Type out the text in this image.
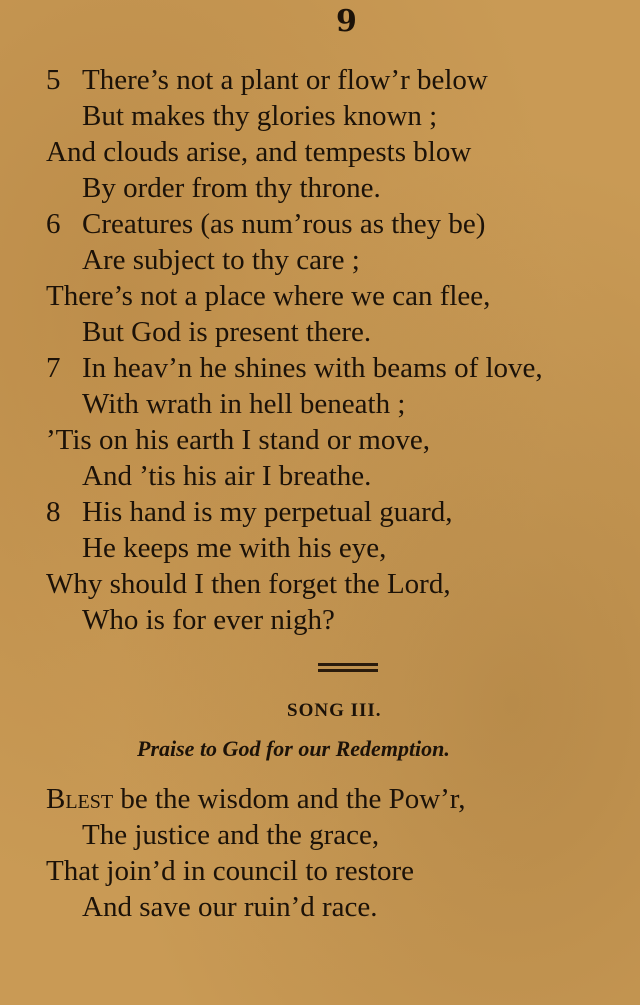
9
5 There’s not a plant or flow’r below
But makes thy glories known ;
And clouds arise, and tempests blow
By order from thy throne.
6 Creatures (as num’rous as they be)
Are subject to thy care ;
There’s not a place where we can flee,
But God is present there.
7 In heav’n he shines with beams of love,
With wrath in hell beneath ;
’Tis on his earth I stand or move,
And ’tis his air I breathe.
8 His hand is my perpetual guard,
He keeps me with his eye,
Why should I then forget the Lord,
Who is for ever nigh?
SONG III.
Praise to God for our Redemption.
Blest be the wisdom and the Pow’r,
The justice and the grace,
That join’d in council to restore
And save our ruin’d race.
